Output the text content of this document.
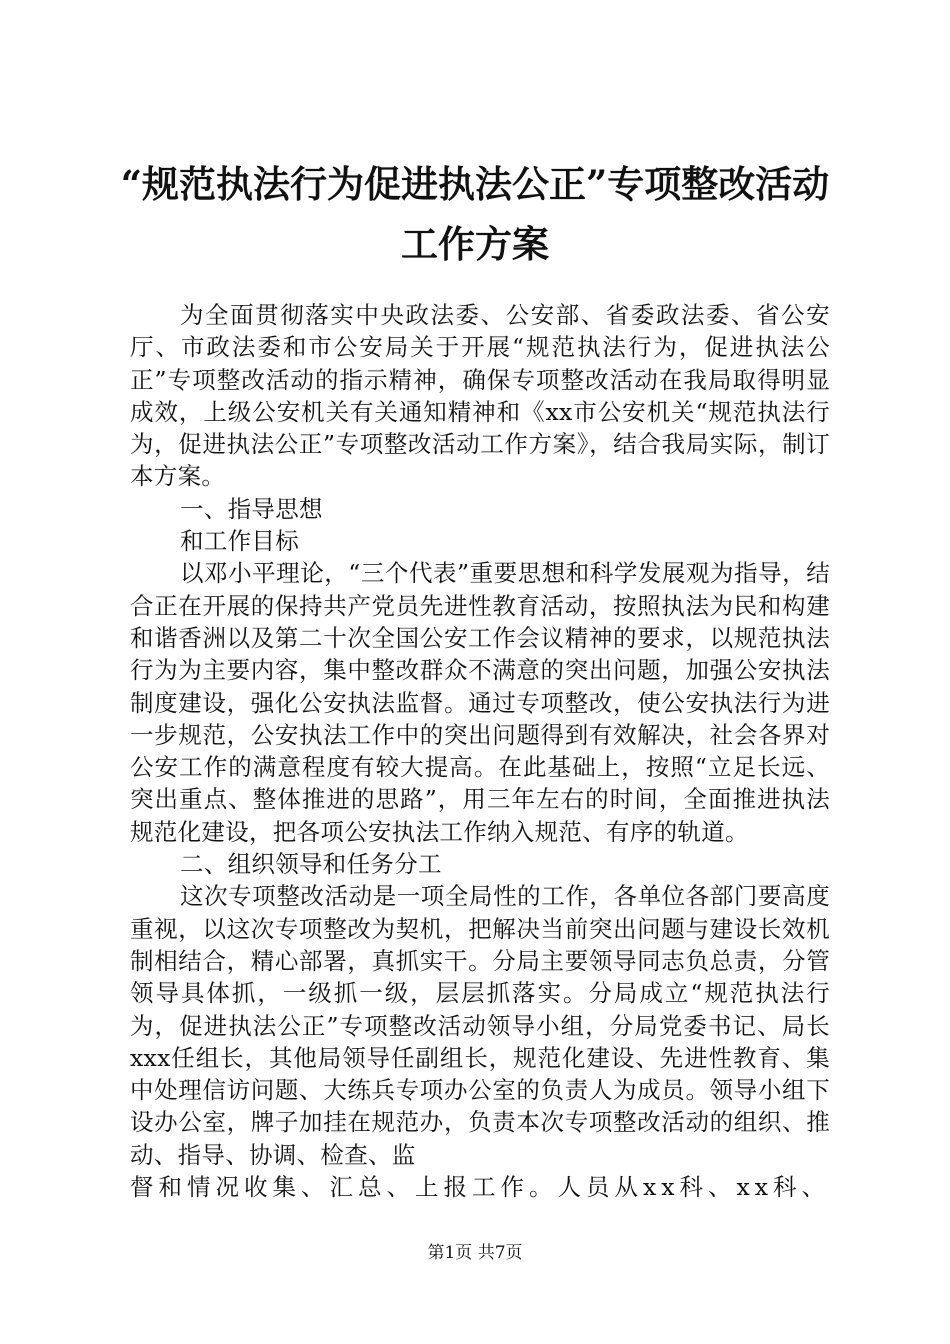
“规范执法行为促进执法公正”专项整改活动
工作方案

为全面贯彻落实中央政法委、公安部、省委政法委、省公安厅、市政法委和市公安局关于开展“规范执法行为，促进执法公正”专项整改活动的指示精神，确保专项整改活动在我局取得明显成效，上级公安机关有关通知精神和《xx市公安机关“规范执法行为，促进执法公正”专项整改活动工作方案》，结合我局实际，制订本方案。

一、指导思想

和工作目标

以邓小平理论，“三个代表”重要思想和科学发展观为指导，结合正在开展的保持共产党员先进性教育活动，按照执法为民和构建和谐香洲以及第二十次全国公安工作会议精神的要求，以规范执法行为为主要内容，集中整改群众不满意的突出问题，加强公安执法制度建设，强化公安执法监督。通过专项整改，使公安执法行为进一步规范，公安执法工作中的突出问题得到有效解决，社会各界对公安工作的满意程度有较大提高。在此基础上，按照“立足长远、突出重点、整体推进的思路”，用三年左右的时间，全面推进执法规范化建设，把各项公安执法工作纳入规范、有序的轨道。

二、组织领导和任务分工

这次专项整改活动是一项全局性的工作，各单位各部门要高度重视，以这次专项整改为契机，把解决当前突出问题与建设长效机制相结合，精心部署，真抓实干。分局主要领导同志负总责，分管领导具体抓，一级抓一级，层层抓落实。分局成立“规范执法行为，促进执法公正”专项整改活动领导小组，分局党委书记、局长xxx任组长，其他局领导任副组长，规范化建设、先进性教育、集中处理信访问题、大练兵专项办公室的负责人为成员。领导小组下设办公室，牌子加挂在规范办，负责本次专项整改活动的组织、推动、指导、协调、检查、监

督和情况收集、汇总、上报工作。人员从xx科、xx科、

第1页 共7页
